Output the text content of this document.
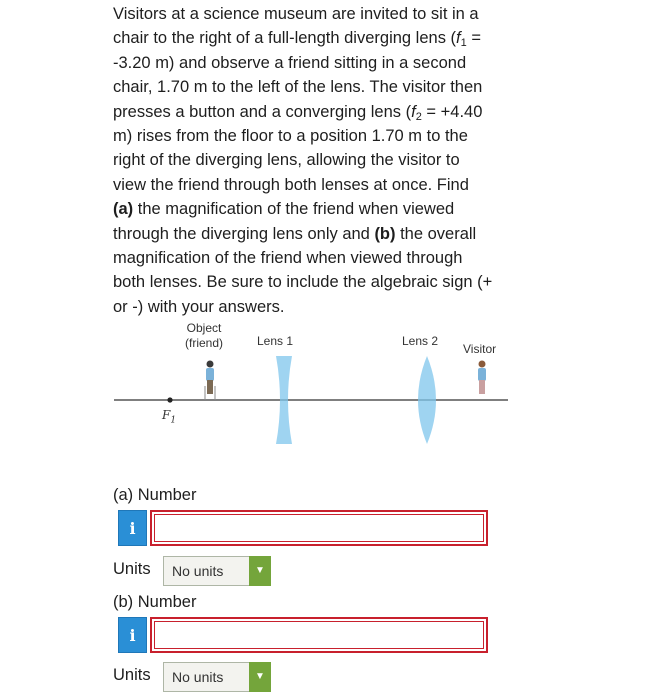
Visitors at a science museum are invited to sit in a
chair to the right of a full-length diverging lens ($f_1$ =
-3.20 m) and observe a friend sitting in a second
chair, 1.70 m to the left of the lens. The visitor then
presses a button and a converging lens ($f_2 = +4.40$
m) rises from the floor to a position 1.70 m to the
right of the diverging lens, allowing the visitor to
view the friend through both lenses at once. Find
(a) the magnification of the friend when viewed
through the diverging lens only and (b) the overall
magnification of the friend when viewed through
both lenses. Be sure to include the algebraic sign (+
or -) with your answers.
Object
(friend)	Lens 1	Lens 2
Visitor
$F_1$
(a) Number
i
Units No units	▼
(b) Number
i
Units No units	▼
